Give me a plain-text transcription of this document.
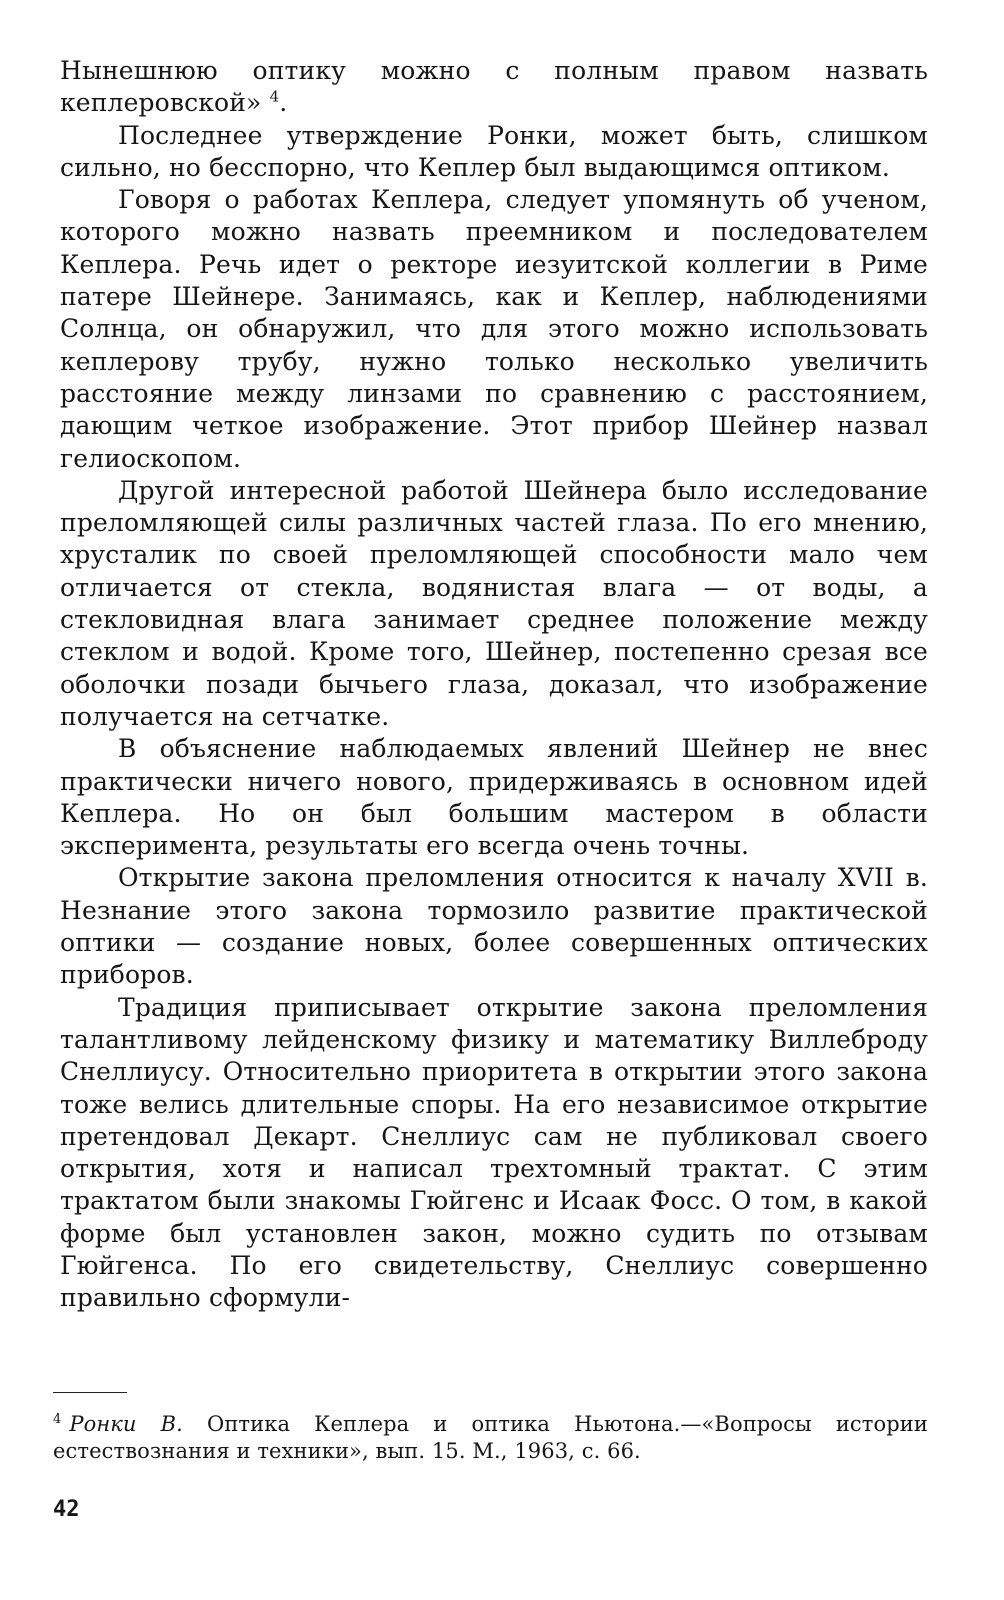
Нынешнюю оптику можно с полным правом назвать кеплеровской» $^4$.

Последнее утверждение Ронки, может быть, слишком сильно, но бесспорно, что Кеплер был выдающимся оптиком.

Говоря о работах Кеплера, следует упомянуть об ученом, которого можно назвать преемником и последователем Кеплера. Речь идет о ректоре иезуитской коллегии в Риме патере Шейнере. Занимаясь, как и Кеплер, наблюдениями Солнца, он обнаружил, что для этого можно использовать кеплерову трубу, нужно только несколько увеличить расстояние между линзами по сравнению с расстоянием, дающим четкое изображение. Этот прибор Шейнер назвал гелиоскопом.

Другой интересной работой Шейнера было исследование преломляющей силы различных частей глаза. По его мнению, хрусталик по своей преломляющей способности мало чем отличается от стекла, водянистая влага — от воды, а стекловидная влага занимает среднее положение между стеклом и водой. Кроме того, Шейнер, постепенно срезая все оболочки позади бычьего глаза, доказал, что изображение получается на сетчатке.

В объяснение наблюдаемых явлений Шейнер не внес практически ничего нового, придерживаясь в основном идей Кеплера. Но он был большим мастером в области эксперимента, результаты его всегда очень точны.

Открытие закона преломления относится к началу XVII в. Незнание этого закона тормозило развитие практической оптики — создание новых, более совершенных оптических приборов.

Традиция приписывает открытие закона преломления талантливому лейденскому физику и математику Виллеброду Снеллиусу. Относительно приоритета в открытии этого закона тоже велись длительные споры. На его независимое открытие претендовал Декарт. Снеллиус сам не публиковал своего открытия, хотя и написал трехтомный трактат. С этим трактатом были знакомы Гюйгенс и Исаак Фосс. О том, в какой форме был установлен закон, можно судить по отзывам Гюйгенса. По его свидетельству, Снеллиус совершенно правильно сформули-

$^4$ Ронки В. Оптика Кеплера и оптика Ньютона.—«Вопросы истории естествознания и техники», вып. 15. М., 1963, с. 66.
42
